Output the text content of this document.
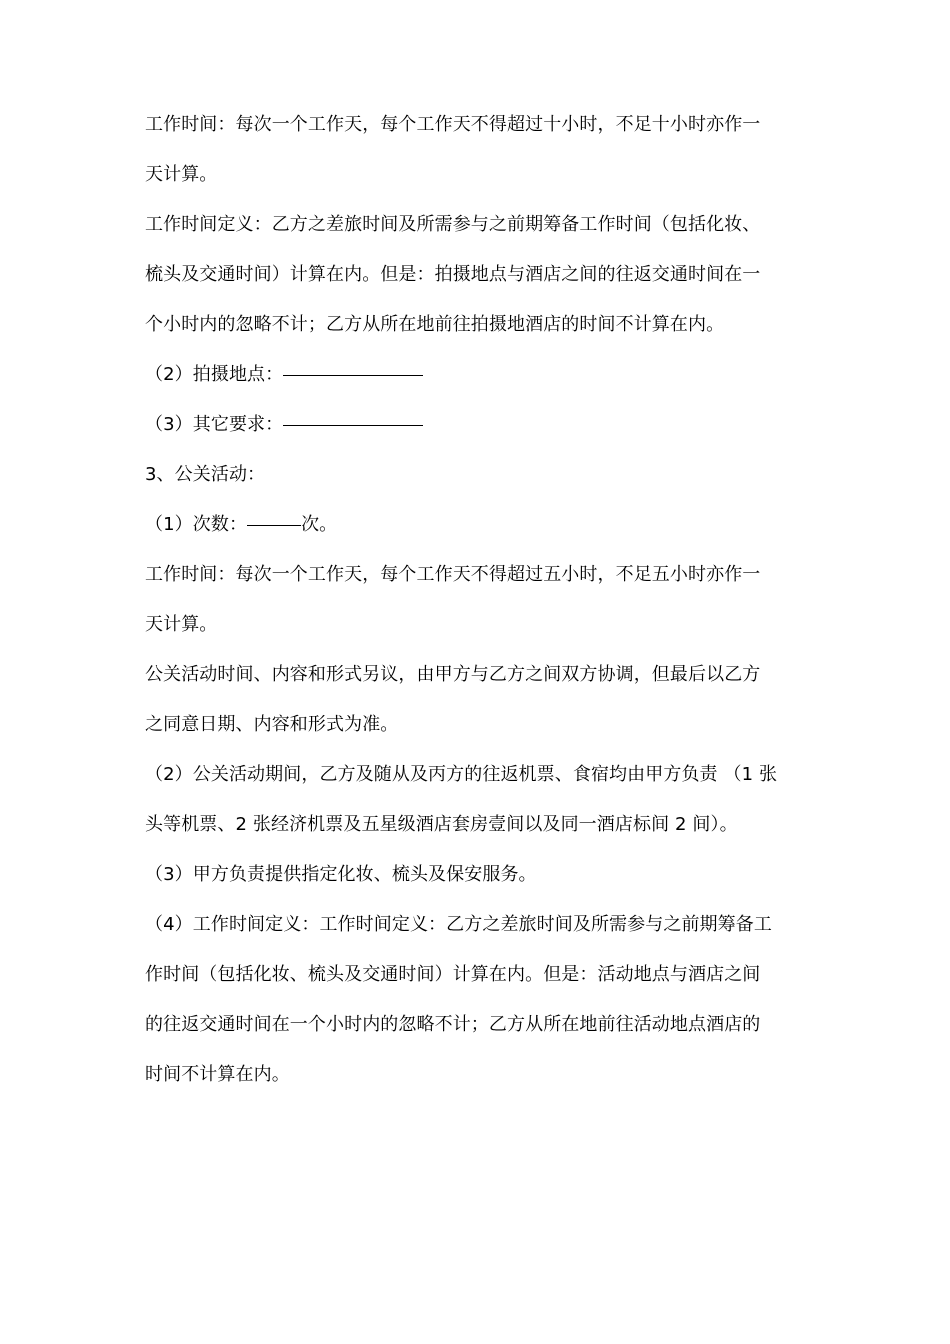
工作时间：每次一个工作天，每个工作天不得超过十小时，不足十小时亦作一
天计算。
工作时间定义：乙方之差旅时间及所需参与之前期筹备工作时间（包括化妆、
梳头及交通时间）计算在内。但是：拍摄地点与酒店之间的往返交通时间在一
个小时内的忽略不计；乙方从所在地前往拍摄地酒店的时间不计算在内。
（2）拍摄地点：
（3）其它要求：
3、公关活动：
（1）次数：	次。
工作时间：每次一个工作天，每个工作天不得超过五小时，不足五小时亦作一
天计算。
公关活动时间、内容和形式另议，由甲方与乙方之间双方协调，但最后以乙方
之同意日期、内容和形式为准。
（2）公关活动期间，乙方及随从及丙方的往返机票、食宿均由甲方负责 （1 张
头等机票、2 张经济机票及五星级酒店套房壹间以及同一酒店标间 2 间）。
（3）甲方负责提供指定化妆、梳头及保安服务。
（4）工作时间定义：工作时间定义：乙方之差旅时间及所需参与之前期筹备工
作时间（包括化妆、梳头及交通时间）计算在内。但是：活动地点与酒店之间
的往返交通时间在一个小时内的忽略不计；乙方从所在地前往活动地点酒店的
时间不计算在内。
